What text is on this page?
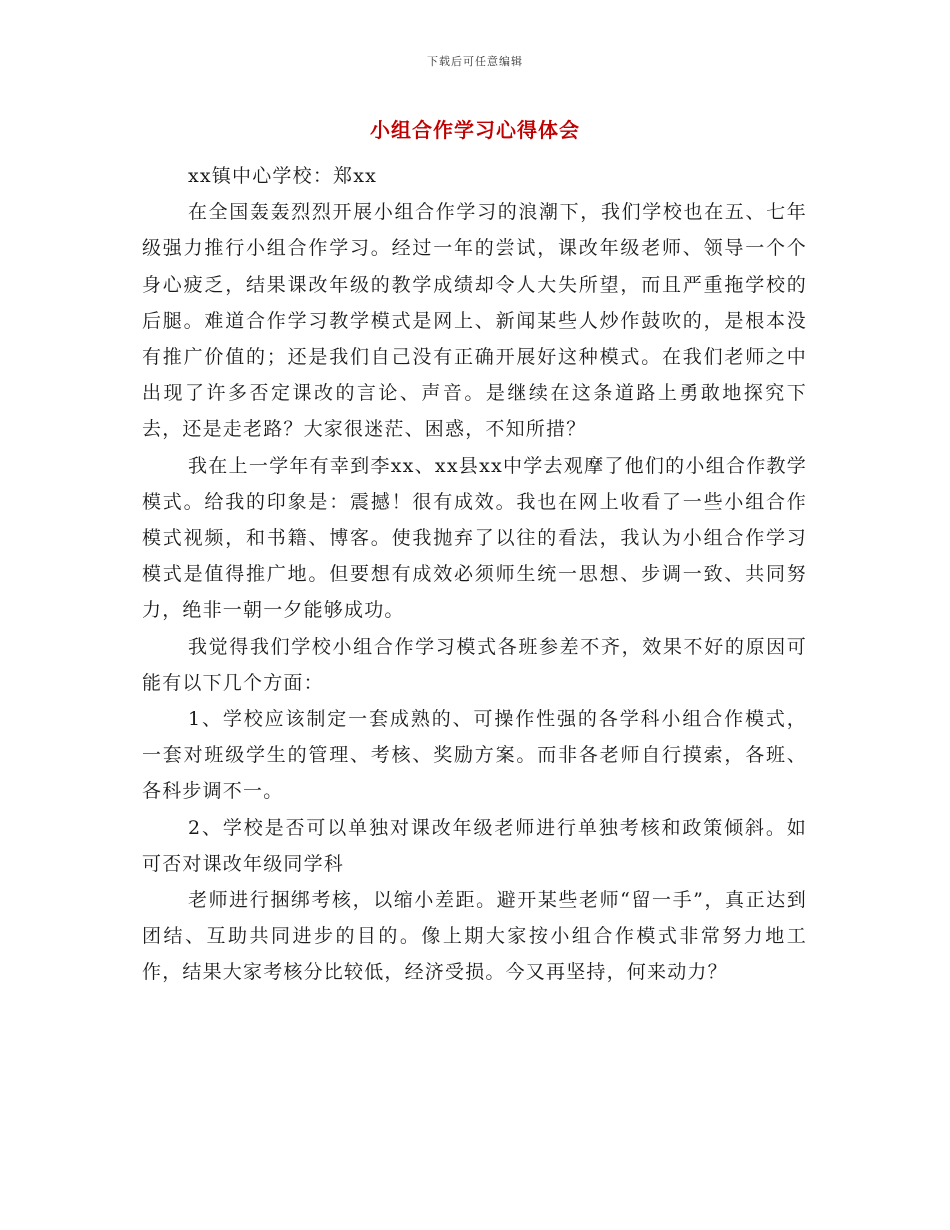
下载后可任意编辑
小组合作学习心得体会

xx镇中心学校：郑xx

在全国轰轰烈烈开展小组合作学习的浪潮下，我们学校也在五、七年级强力推行小组合作学习。经过一年的尝试，课改年级老师、领导一个个身心疲乏，结果课改年级的教学成绩却令人大失所望，而且严重拖学校的后腿。难道合作学习教学模式是网上、新闻某些人炒作鼓吹的，是根本没有推广价值的；还是我们自己没有正确开展好这种模式。在我们老师之中出现了许多否定课改的言论、声音。是继续在这条道路上勇敢地探究下去，还是走老路？大家很迷茫、困惑，不知所措？

我在上一学年有幸到李xx、xx县xx中学去观摩了他们的小组合作教学模式。给我的印象是：震撼！很有成效。我也在网上收看了一些小组合作模式视频，和书籍、博客。使我抛弃了以往的看法，我认为小组合作学习模式是值得推广地。但要想有成效必须师生统一思想、步调一致、共同努力，绝非一朝一夕能够成功。

我觉得我们学校小组合作学习模式各班参差不齐，效果不好的原因可能有以下几个方面：

1、学校应该制定一套成熟的、可操作性强的各学科小组合作模式，一套对班级学生的管理、考核、奖励方案。而非各老师自行摸索，各班、各科步调不一。

2、学校是否可以单独对课改年级老师进行单独考核和政策倾斜。如可否对课改年级同学科

老师进行捆绑考核，以缩小差距。避开某些老师“留一手”，真正达到团结、互助共同进步的目的。像上期大家按小组合作模式非常努力地工作，结果大家考核分比较低，经济受损。今又再坚持，何来动力？
